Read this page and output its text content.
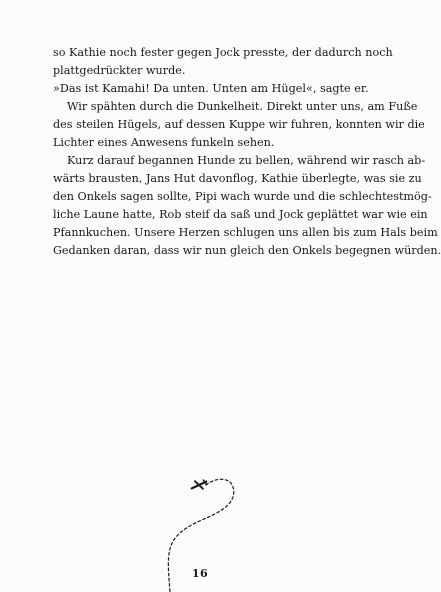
so Kathie noch fester gegen Jock presste, der dadurch noch
plattgedrückter wurde.
»Das ist Kamahi! Da unten. Unten am Hügel«, sagte er.
Wir spähten durch die Dunkelheit. Direkt unter uns, am Fuße
des steilen Hügels, auf dessen Kuppe wir fuhren, konnten wir die
Lichter eines Anwesens funkeln sehen.
Kurz darauf begannen Hunde zu bellen, während wir rasch ab-
wärts brausten, Jans Hut davonflog, Kathie überlegte, was sie zu
den Onkels sagen sollte, Pipi wach wurde und die schlechtestmög-
liche Laune hatte, Rob steif da saß und Jock geplättet war wie ein
Pfannkuchen. Unsere Herzen schlugen uns allen bis zum Hals beim
Gedanken daran, dass wir nun gleich den Onkels begegnen würden.
16
